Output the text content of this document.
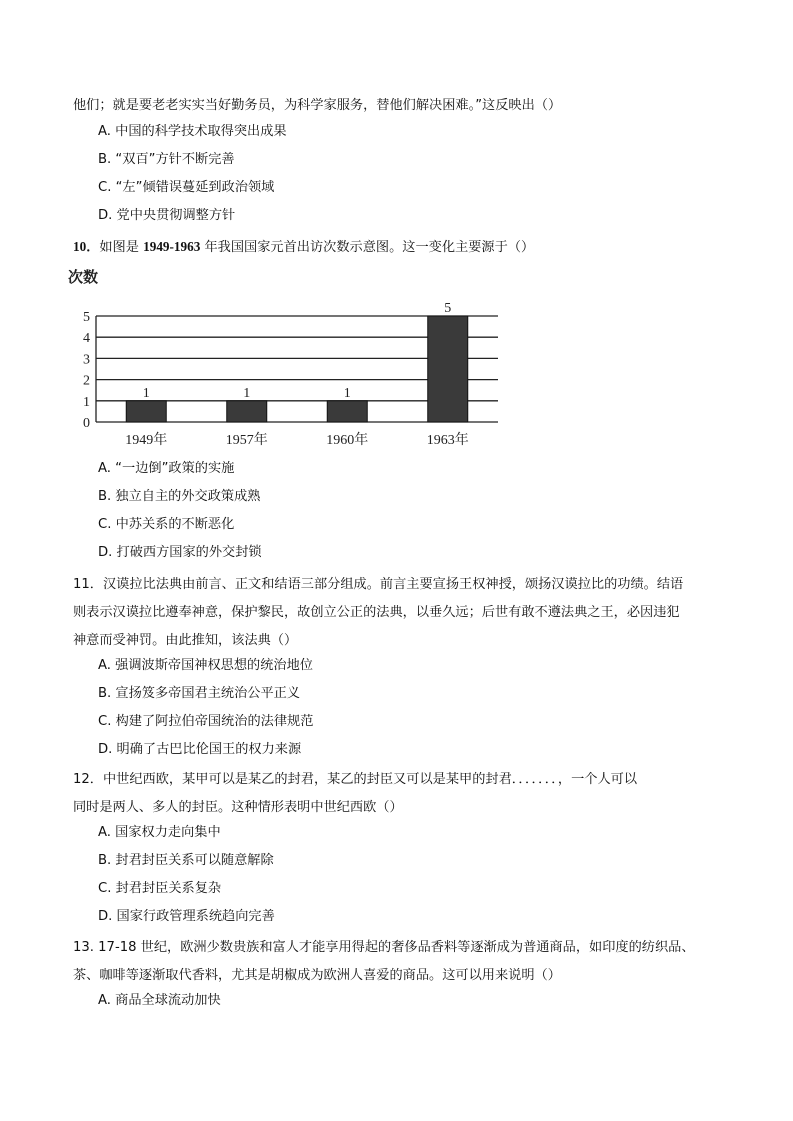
他们；就是要老老实实当好勤务员，为科学家服务，替他们解决困难。”这反映出（）
A. 中国的科学技术取得突出成果
B. “双百”方针不断完善
C. “左”倾错误蔓延到政治领域
D. 党中央贯彻调整方针
10．如图是 1949-1963 年我国国家元首出访次数示意图。这一变化主要源于（）
0
1
2
3
4
5
1949年	1957年	1960年	1963年
1	1	1
5
次数
A. “一边倒”政策的实施
B. 独立自主的外交政策成熟
C. 中苏关系的不断恶化
D. 打破西方国家的外交封锁
11．汉谟拉比法典由前言、正文和结语三部分组成。前言主要宣扬王权神授，颂扬汉谟拉比的功绩。结语
则表示汉谟拉比遵奉神意，保护黎民，故创立公正的法典，以垂久远；后世有敢不遵法典之王，必因违犯
神意而受神罚。由此推知，该法典（）
A. 强调波斯帝国神权思想的统治地位
B. 宣扬笈多帝国君主统治公平正义
C. 构建了阿拉伯帝国统治的法律规范
D. 明确了古巴比伦国王的权力来源
12．中世纪西欧，某甲可以是某乙的封君，某乙的封臣又可以是某甲的封君．．．．．．．，一个人可以
同时是两人、多人的封臣。这种情形表明中世纪西欧（）
A. 国家权力走向集中
B. 封君封臣关系可以随意解除
C. 封君封臣关系复杂
D. 国家行政管理系统趋向完善
13. 17-18 世纪，欧洲少数贵族和富人才能享用得起的奢侈品香料等逐渐成为普通商品，如印度的纺织品、
茶、咖啡等逐渐取代香料，尤其是胡椒成为欧洲人喜爱的商品。这可以用来说明（）
A. 商品全球流动加快
